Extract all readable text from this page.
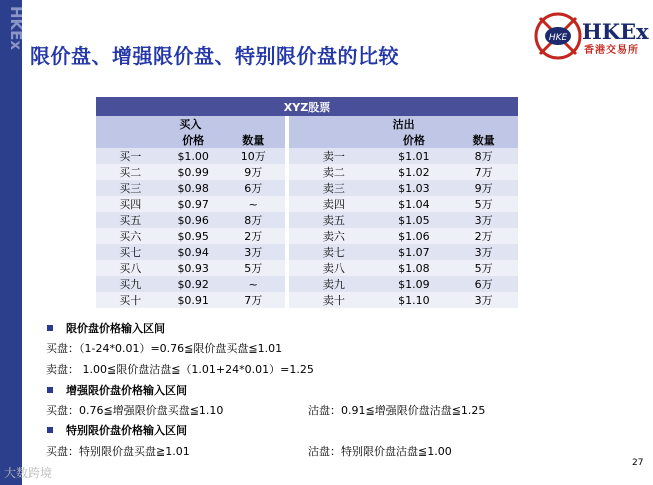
HKEx
限价盘、增强限价盘、特别限价盘的比较
HKE HKEx
香港交易所
XYZ股票						
买入				沽出		
	价格	数量			价格	数量
买一	$1.00	10万		卖一	$1.01	8万
买二	$0.99	9万		卖二	$1.02	7万
买三	$0.98	6万		卖三	$1.03	9万
买四	$0.97	~		卖四	$1.04	5万
买五	$0.96	8万		卖五	$1.05	3万
买六	$0.95	2万		卖六	$1.06	2万
买七	$0.94	3万		卖七	$1.07	3万
买八	$0.93	5万		卖八	$1.08	5万
买九	$0.92	~		卖九	$1.09	6万
买十	$0.91	7万		卖十	$1.10	3万
限价盘价格输入区间
买盘：（1-24*0.01）=0.76≦限价盘买盘≦1.01
卖盘： 1.00≦限价盘沽盘≦（1.01+24*0.01）=1.25
增强限价盘价格输入区间
买盘：0.76≦增强限价盘买盘≦1.10	沽盘：0.91≦增强限价盘沽盘≦1.25
特别限价盘价格输入区间
买盘：特别限价盘买盘≧1.01	沽盘：特别限价盘沽盘≦1.00
27
大数跨境
